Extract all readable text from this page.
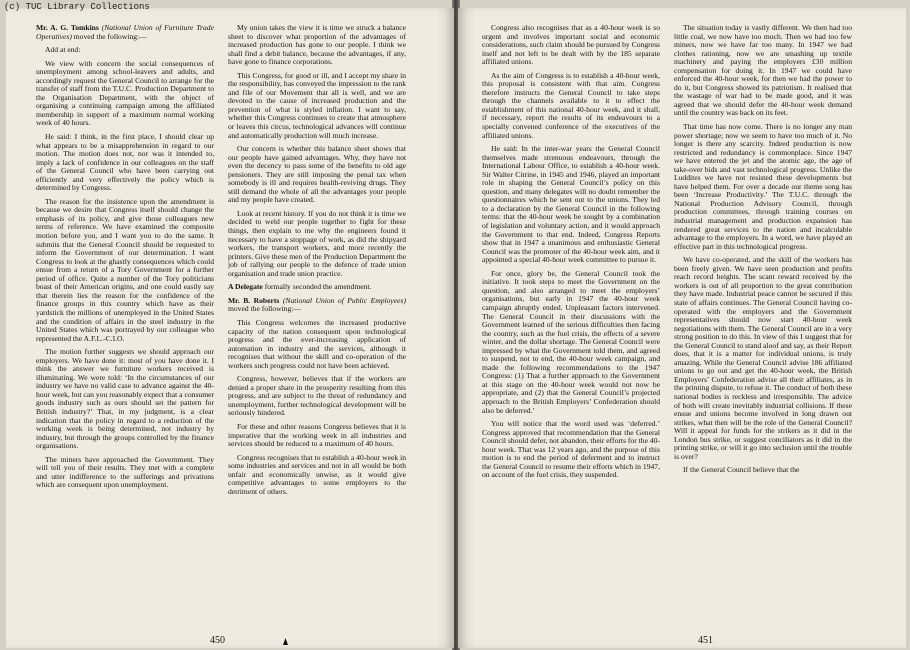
(c) TUC Library Collections

Mr. A. G. Tomkins (National Union of Furniture Trade Operatives) moved the following:—

Add at end:

We view with concern the social consequences of unemployment among school-leavers and adults, and accordingly request the General Council to arrange for the transfer of staff from the T.U.C. Production Department to the Organisation Department, with the object of organising a continuing campaign among the affiliated membership in support of a maximum normal working week of 40 hours.

He said: I think, in the first place, I should clear up what appears to be a misapprehension in regard to our motion. The motion does not, nor was it intended to, imply a lack of confidence in our colleagues on the staff of the General Council who have been carrying out efficiently and very effectively the policy which is determined by Congress.

The reason for the insistence upon the amendment is because we desire that Congress itself should change the emphasis of its policy, and give those colleagues new terms of reference. We have examined the composite motion before you, and I want you to do the same. It submits that the General Council should be requested to inform the Government of our determination. I want Congress to look at the ghastly consequences which could ensue from a return of a Tory Government for a further period of office. Quite a number of the Tory politicians boast of their American origins, and one could easily say that therein lies the reason for the confidence of the finance groups in this country which have as their yardstick the millions of unemployed in the United States and the condition of affairs in the steel industry in the United States which was portrayed by our colleague who represented the A.F.L.-C.I.O.

The motion further suggests we should approach our employers. We have done it: most of you have done it. I think the answer we furniture workers received is illuminating. We were told: ‘In the circumstances of our industry we have no valid case to advance against the 40-hour week, but can you reasonably expect that a consumer goods industry such as ours should set the pattern for British industry?’ That, in my judgment, is a clear indication that the policy in regard to a reduction of the working week is being determined, not industry by industry, but through the groups controlled by the finance organisations.

The miners have approached the Government. They will tell you of their results. They met with a complete and utter indifference to the sufferings and privations which are consequent upon unemployment.

My union takes the view it is time we struck a balance sheet to discover what proportion of the advantages of increased production has gone to our people. I think we shall find a debit balance, because the advantages, if any, have gone to finance corporations.

This Congress, for good or ill, and I accept my share in the responsibility, has conveyed the impression to the rank and file of our Movement that all is well, and we are devoted to the cause of increased production and the prevention of what is styled inflation. I want to say, whether this Congress continues to create that atmosphere or leaves this circus, technological advances will continue and automatically production will much increase.

Our concern is whether this balance sheet shows that our people have gained advantages. Why, they have not even the decency to pass some of the benefits to old age pensioners. They are still imposing the penal tax when somebody is ill and requires health-reviving drugs. They still demand the whole of all the advantages your people and my people have created.

Look at recent history. If you do not think it is time we decided to weld our people together to fight for these things, then explain to me why the engineers found it necessary to have a stoppage of work, as did the shipyard workers, the transport workers, and more recently the printers. Give these men of the Production Department the job of rallying our people to the defence of trade union organisation and trade union practice.

A Delegate formally seconded the amendment.

Mr. B. Roberts (National Union of Public Employees) moved the following:—

This Congress welcomes the increased productive capacity of the nation consequent upon technological progress and the ever-increasing application of automation in industry and the services, although it recognises that without the skill and co-operation of the workers such progress could not have been achieved.

Congress, however, believes that if the workers are denied a proper share in the prosperity resulting from this progress, and are subject to the threat of redundancy and unemployment, further technological development will be seriously hindered.

For these and other reasons Congress believes that it is imperative that the working week in all industries and services should be reduced to a maximum of 40 hours.

Congress recognises that to establish a 40-hour week in some industries and services and not in all would be both unfair and economically unwise, as it would give competitive advantages to some employers to the detriment of others.

450

Congress also recognises that as a 40-hour week is so urgent and involves important social and economic considerations, such claim should be pursued by Congress itself and not left to be dealt with by the 185 separate affiliated unions.

As the aim of Congress is to establish a 40-hour week, this proposal is consistent with that aim. Congress therefore instructs the General Council to take steps through the channels available to it to effect the establishment of this national 40-hour week, and it shall, if necessary, report the results of its endeavours to a specially convened conference of the executives of the affiliated unions.

He said: In the inter-war years the General Council themselves made strenuous endeavours, through the International Labour Office, to establish a 40-hour week. Sir Walter Citrine, in 1945 and 1946, played an important role in shaping the General Council’s policy on this question, and many delegates will no doubt remember the questionnaires which he sent out to the unions. They led to a declaration by the General Council in the following terms: that the 40-hour week be sought by a combination of legislation and voluntary action, and it would approach the Government to that end. Indeed, Congress Reports show that in 1947 a unanimous and enthusiastic General Council was the promoter of the 40-hour week aim, and it appointed a special 40-hour week committee to pursue it.

For once, glory be, the General Council took the initiative. It took steps to meet the Government on the question, and also arranged to meet the employers’ organisations, but early in 1947 the 40-hour week campaign abruptly ended. Unpleasant factors intervened. The General Council in their discussions with the Government learned of the serious difficulties then facing the country, such as the fuel crisis, the effects of a severe winter, and the dollar shortage. The General Council were impressed by what the Government told them, and agreed to suspend, not to end, the 40-hour week campaign, and made the following recommendations to the 1947 Congress: (1) That a further approach to the Government at this stage on the 40-hour week would not now be appropriate, and (2) that the General Council’s projected approach to the British Employers’ Confederation should also be deferred.’

You will notice that the word used was ‘deferred.’ Congress approved that recommendation that the General Council should defer, not abandon, their efforts for the 40-hour week. That was 12 years ago, and the purpose of this motion is to end the period of deferment and to instruct the General Council to resume their efforts which in 1947, on account of the fuel crisis, they suspended.

The situation today is vastly different. We then had too little coal, we now have too much. Then we had too few miners, now we have far too many. In 1947 we had clothes rationing, now we are smashing up textile machinery and paying the employers £30 million compensation for doing it. In 1947 we could have enforced the 40-hour week, for then we had the power to do it, but Congress showed its patriotism. It realised that the wastage of war had to be made good, and it was agreed that we should defer the 40-hour week demand until the country was back on its feet.

That time has now come. There is no longer any man power shortage; now we seem to have too much of it. No longer is there any scarcity. Indeed production is now restricted and redundancy is commonplace. Since 1947 we have entered the jet and the atomic age, the age of take-over bids and vast technological progress. Unlike the Luddites we have not resisted these developments but have helped them. For over a decade our theme song has been ‘Increase Productivity.’ The T.U.C. through the National Production Advisory Council, through production committees, through training courses on industrial management and production expansion has rendered great services to the nation and incalculable advantage to the employers. In a word, we have played an effective part in this technological progress.

We have co-operated, and the skill of the workers has been freely given. We have seen production and profits reach record heights. The scant reward received by the workers is out of all proportion to the great contribution they have made. Industrial peace cannot be secured if this state of affairs continues. The General Council having co-operated with the employers and the Government representatives should now start 40-hour week negotiations with them. The General Council are in a very strong position to do this. In view of this I suggest that for the General Council to stand aloof and say, as their Report does, that it is a matter for individual unions, is truly amazing. While the General Council advise 186 affiliated unions to go out and get the 40-hour week, the British Employers’ Confederation advise all their affiliates, as in the printing dispute, to refuse it. The conduct of both these national bodies is reckless and irresponsible. The advice of both will create inevitably industrial collisions. If these ensue and unions become involved in long drawn out strikes, what then will be the role of the General Council? Will it appeal for funds for the strikers as it did in the London bus strike, or suggest conciliators as it did in the printing strike, or will it go into seclusion until the trouble is over?

If the General Council believe that the

451
